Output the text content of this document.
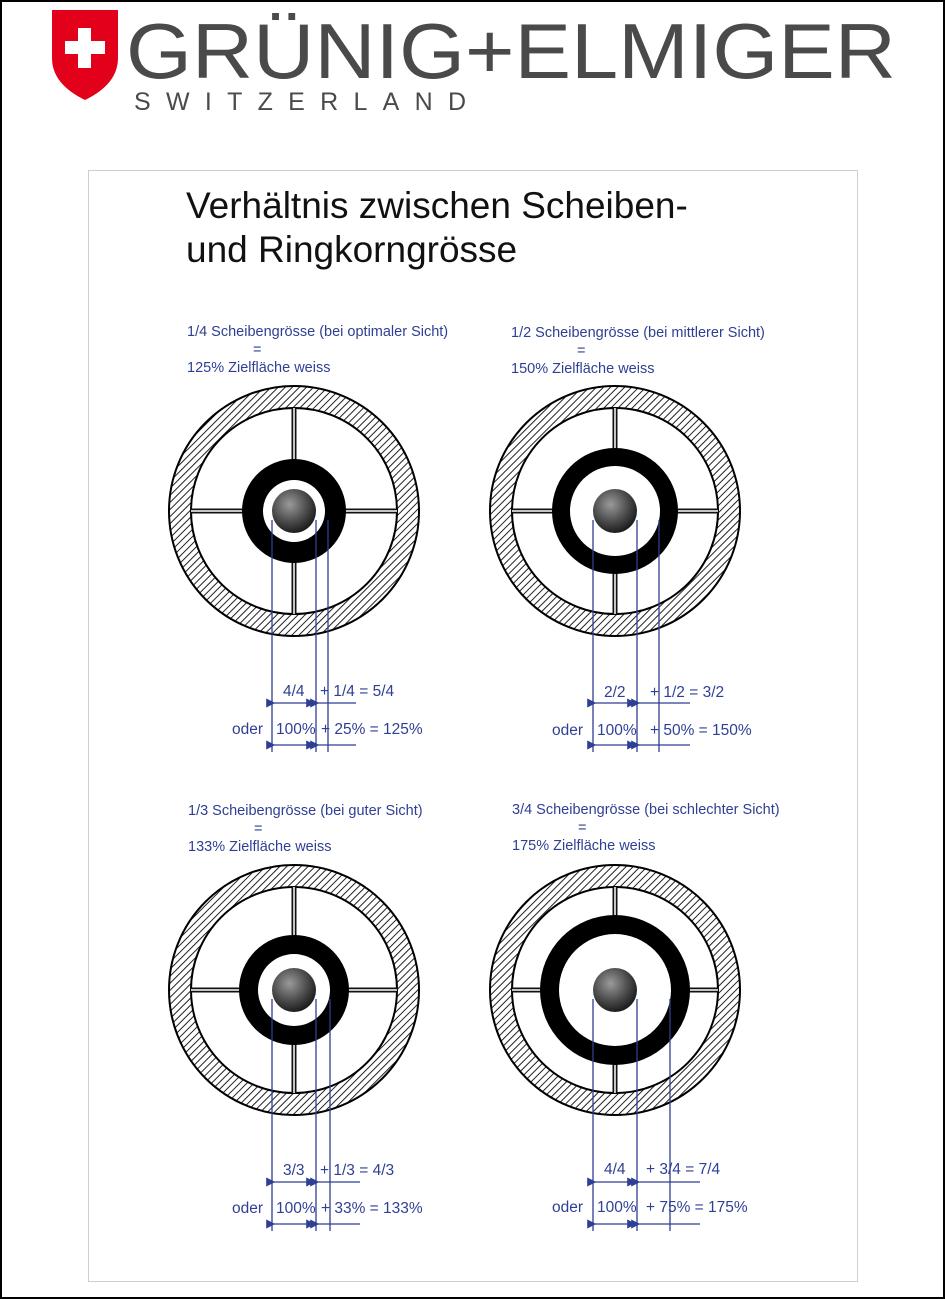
GRÜNIG+ELMIGER
SWITZERLAND
Verhältnis zwischen Scheiben-
und Ringkorngrösse
1/4 Scheibengrösse (bei optimaler Sicht)
=
125% Zielfläche weiss
1/2 Scheibengrösse (bei mittlerer Sicht)
=
150% Zielfläche weiss
1/3 Scheibengrösse (bei guter Sicht)
=
133% Zielfläche weiss
3/4 Scheibengrösse (bei schlechter Sicht)
=
175% Zielfläche weiss
4/4 + 1/4 = 5/4
oder 100% + 25% = 125%
2/2 + 1/2 = 3/2
oder 100% + 50% = 150%
3/3 + 1/3 = 4/3
oder 100% + 33% = 133%
4/4 + 3/4 = 7/4
oder 100% + 75% = 175%
